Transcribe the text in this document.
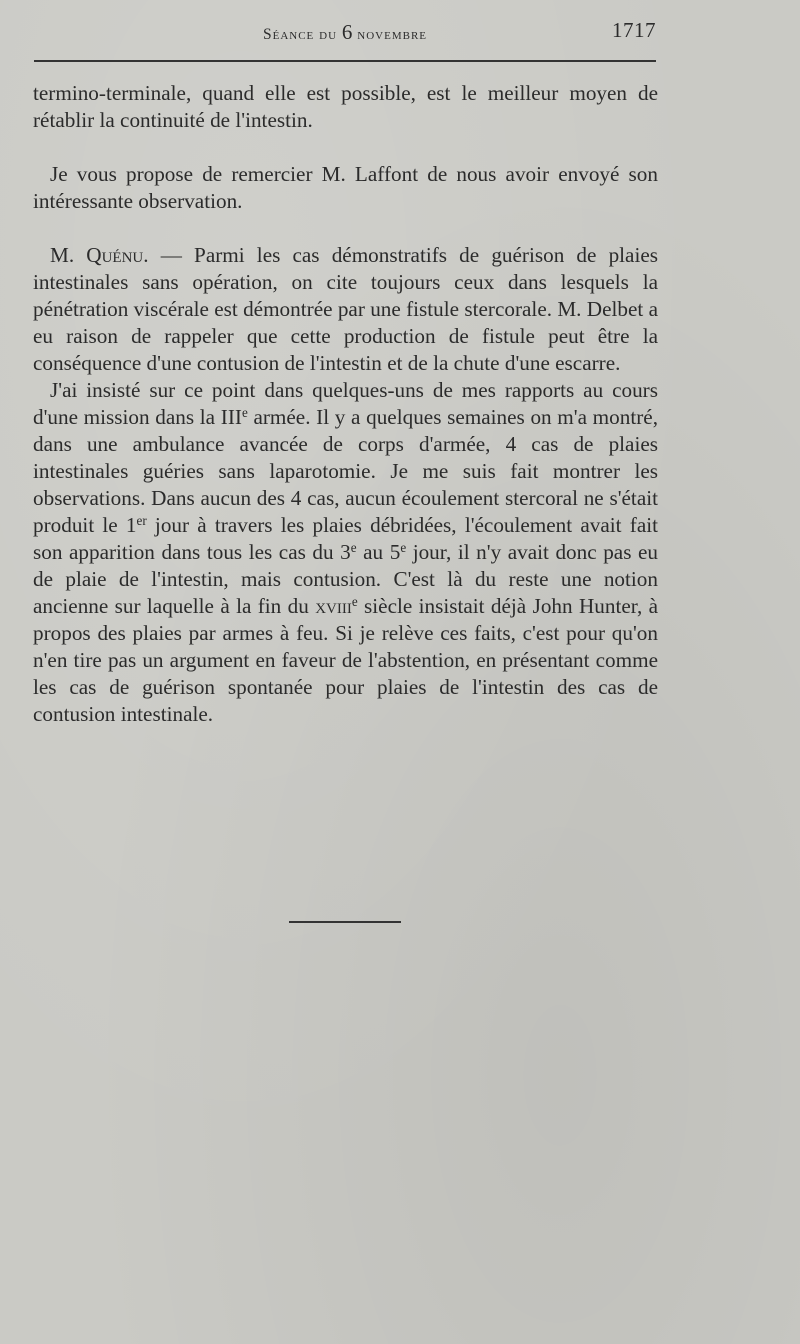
Séance du 6 novembre	1717

termino-terminale, quand elle est possible, est le meilleur moyen de rétablir la continuité de l'intestin.

Je vous propose de remercier M. Laffont de nous avoir envoyé son intéressante observation.

M. Quénu. — Parmi les cas démonstratifs de guérison de plaies intestinales sans opération, on cite toujours ceux dans lesquels la pénétration viscérale est démontrée par une fistule stercorale. M. Delbet a eu raison de rappeler que cette production de fistule peut être la conséquence d'une contusion de l'intestin et de la chute d'une escarre.

J'ai insisté sur ce point dans quelques-uns de mes rapports au cours d'une mission dans la IIIe armée. Il y a quelques semaines on m'a montré, dans une ambulance avancée de corps d'armée, 4 cas de plaies intestinales guéries sans laparotomie. Je me suis fait montrer les observations. Dans aucun des 4 cas, aucun écoulement stercoral ne s'était produit le 1er jour à travers les plaies débridées, l'écoulement avait fait son apparition dans tous les cas du 3e au 5e jour, il n'y avait donc pas eu de plaie de l'intestin, mais contusion. C'est là du reste une notion ancienne sur laquelle à la fin du xviii$^e$ siècle insistait déjà John Hunter, à propos des plaies par armes à feu. Si je relève ces faits, c'est pour qu'on n'en tire pas un argument en faveur de l'abstention, en présentant comme les cas de guérison spontanée pour plaies de l'intestin des cas de contusion intestinale.
